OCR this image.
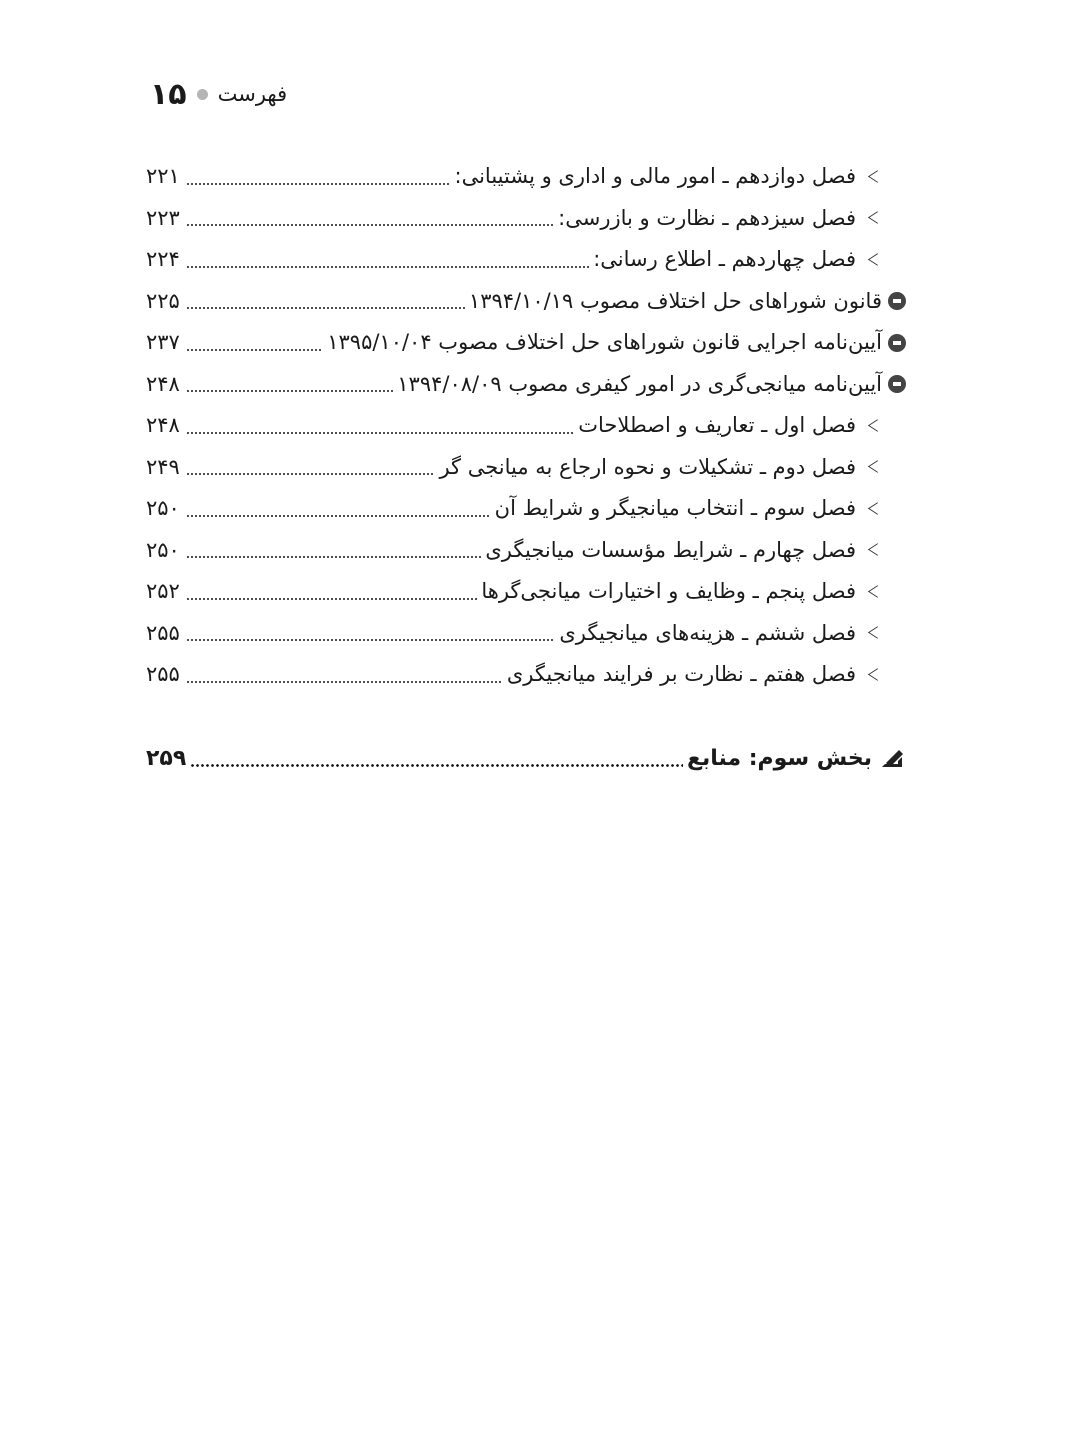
۱۵ فهرست
فصل دوازدهم ـ امور مالی و اداری و پشتیبانی:
۲۲۱
فصل سیزدهم ـ نظارت و بازرسی:
۲۲۳
فصل چهاردهم ـ اطلاع رسانی:
۲۲۴
قانون شوراهای حل اختلاف مصوب ۱۳۹۴/۱۰/۱۹
۲۲۵
آیین‌نامه اجرایی قانون شوراهای حل اختلاف مصوب ۱۳۹۵/۱۰/۰۴
۲۳۷
آیین‌نامه میانجی‌گری در امور کیفری مصوب ۱۳۹۴/۰۸/۰۹
۲۴۸
فصل اول ـ تعاریف و اصطلاحات
۲۴۸
فصل دوم ـ تشکیلات و نحوه ارجاع به میانجی گر
۲۴۹
فصل سوم ـ انتخاب میانجیگر و شرایط آن
۲۵۰
فصل چهارم ـ شرایط مؤسسات میانجیگری
۲۵۰
فصل پنجم ـ وظایف و اختیارات میانجی‌گرها
۲۵۲
فصل ششم ـ هزینه‌های میانجیگری
۲۵۵
فصل هفتم ـ نظارت بر فرایند میانجیگری
۲۵۵
بخش سوم: منابع
۲۵۹
